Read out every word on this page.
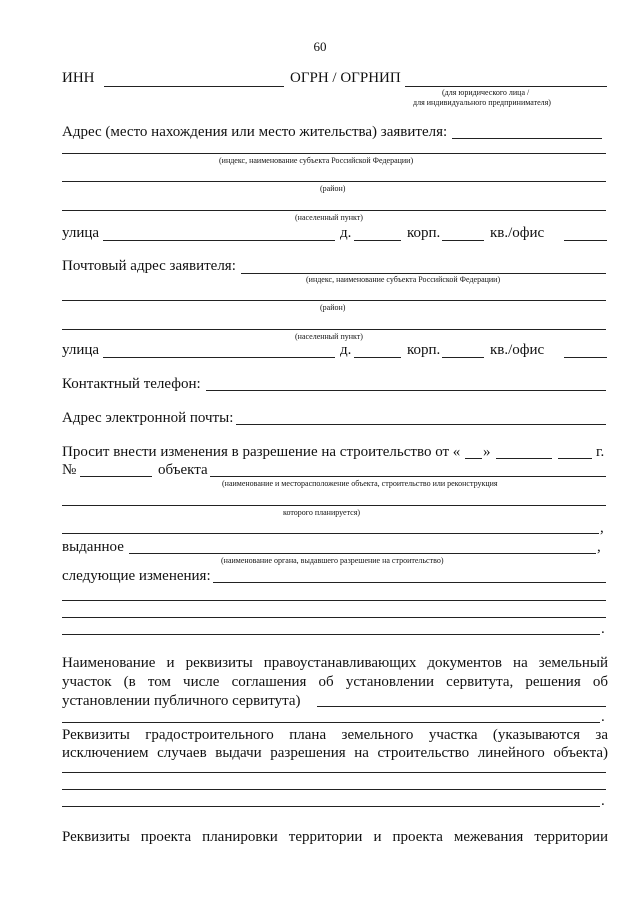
60
ИНН	ОГРН / ОГРНИП
(для юридического лица /
для индивидуального предпринимателя)
Адрес (место нахождения или место жительства) заявителя:
(индекс, наименование субъекта Российской Федерации)
(район)
(населенный пункт)
улица	д.	корп.	кв./офис
Почтовый адрес заявителя:
(индекс, наименование субъекта Российской Федерации)
(район)
(населенный пункт)
улица	д.	корп.	кв./офис
Контактный телефон:
Адрес электронной почты:
Просит внести изменения в разрешение на строительство от « »	г.
№	объекта
(наименование и месторасположение объекта, строительство или реконструкция
которого планируется)
,
выданное	,
(наименование органа, выдавшего разрешение на строительство)
следующие изменения:
.
Наименование и реквизиты правоустанавливающих документов на земельный
участок (в том числе соглашения об установлении сервитута, решения об
установлении публичного сервитута)
.
Реквизиты градостроительного плана земельного участка (указываются за
исключением случаев выдачи разрешения на строительство линейного объекта)
.
Реквизиты проекта планировки территории и проекта межевания территории
